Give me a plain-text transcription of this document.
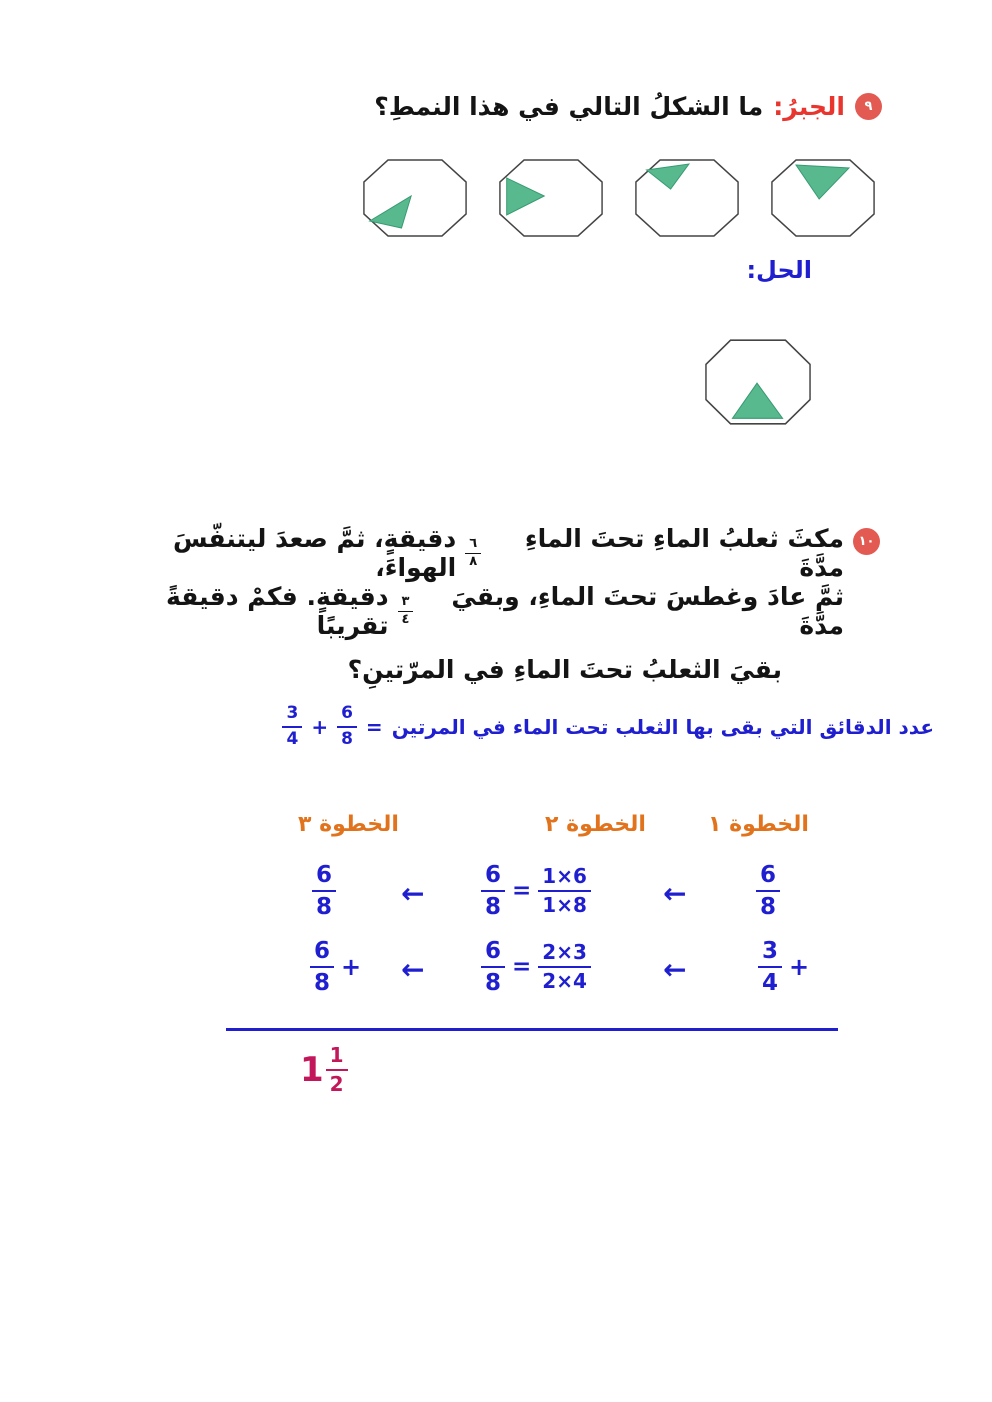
٩
الجبرُ:
ما الشكلُ التالي في هذا النمطِ؟
الحل:
١٠
مكثَ ثعلبُ الماءِ تحتَ الماءِ مدَّةَ
$\frac{٦}{٨}$
دقيقةٍ، ثمَّ صعدَ ليتنفّسَ الهواءَ،
ثمَّ عادَ وغطسَ تحتَ الماءِ، وبقيَ مدَّةَ
$\frac{٣}{٤}$
دقيقةٍ. فكمْ دقيقةً تقريبًا
بقيَ الثعلبُ تحتَ الماءِ في المرّتينِ؟
عدد الدقائق التي بقى بها الثعلب تحت الماء في المرتين
=
$\frac{6}{8}$
+
$\frac{3}{4}$
الخطوة ١
الخطوة ٢
الخطوة ٣
$\frac{6}{8}$
←
$\frac{6}{8} = \frac{1\times 6}{1\times 8}$
←
$\frac{6}{8}$
$\frac{3}{4}$ +
←
$\frac{6}{8} = \frac{2\times 3}{2\times 4}$
←
$\frac{6}{8}$ +
$1 \frac{1}{2}$
